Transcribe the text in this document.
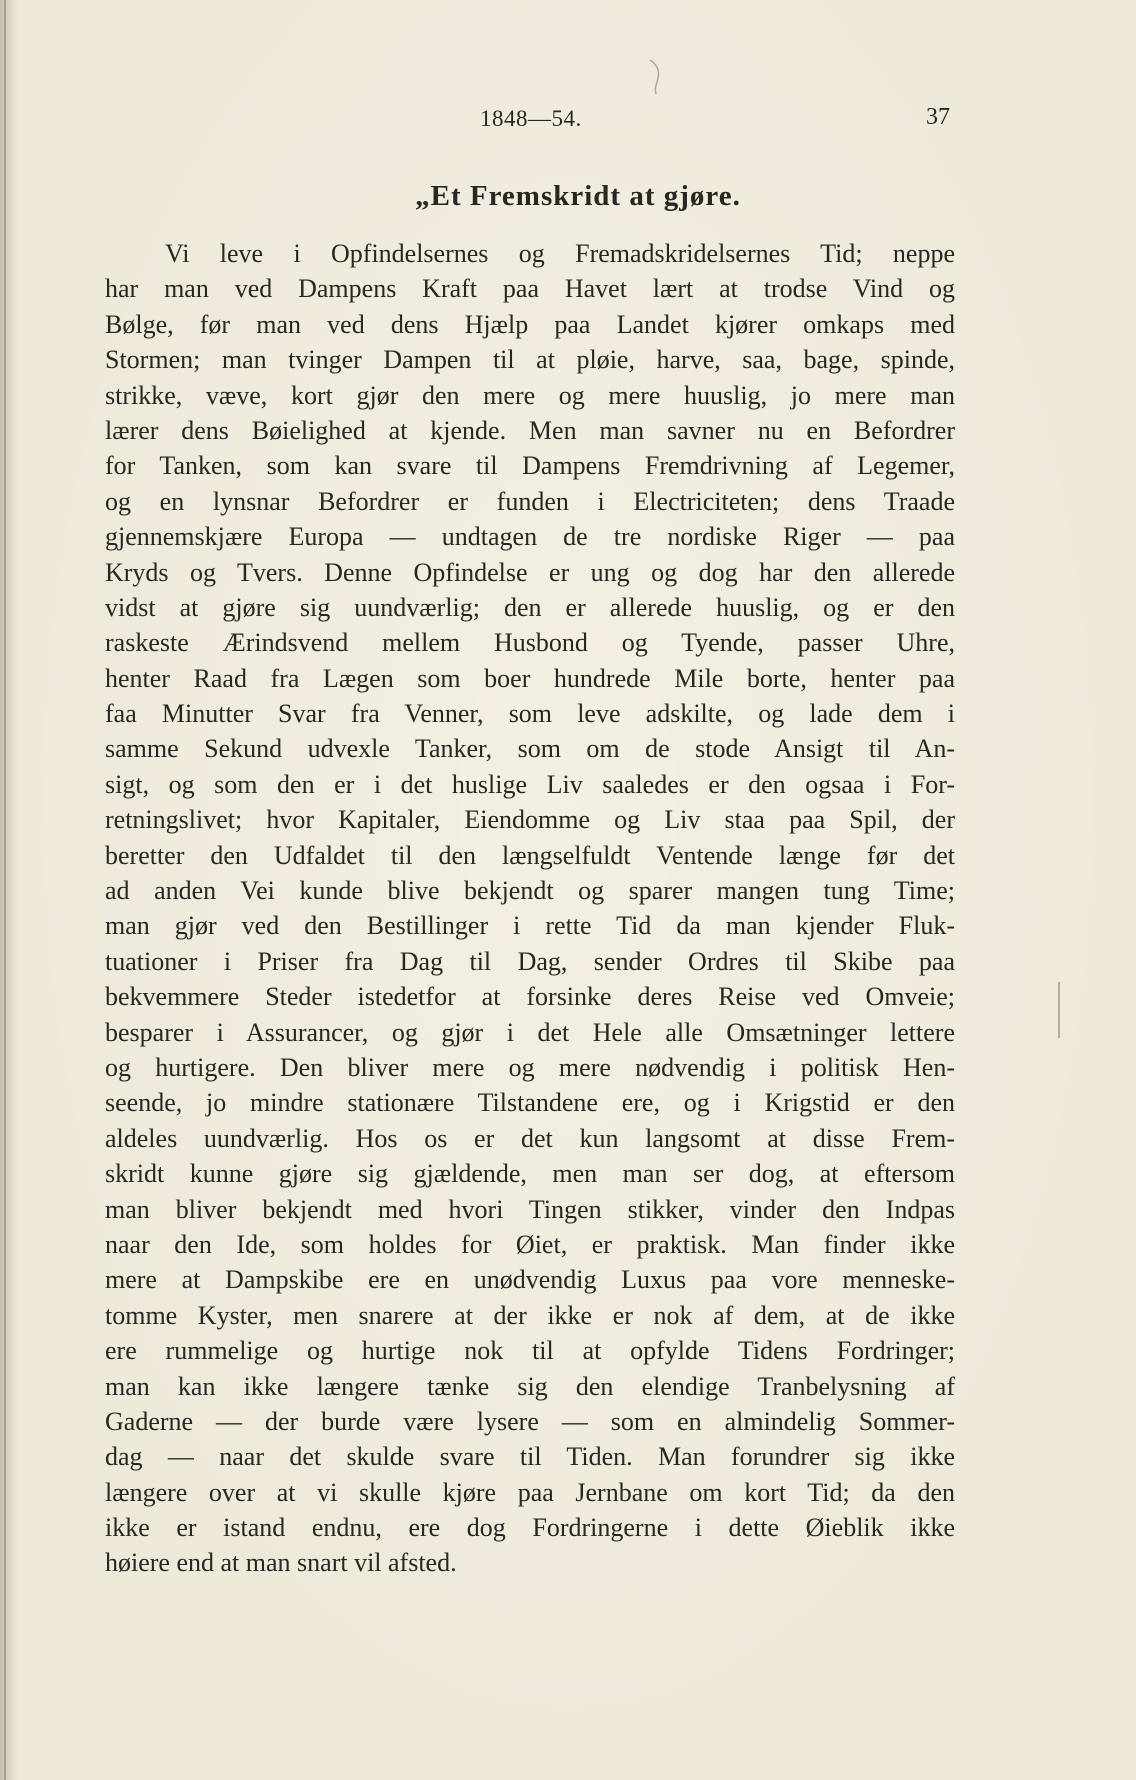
1848—54.	37
„Et Fremskridt at gjøre.
Vi leve i Opfindelsernes og Fremadskridelsernes Tid; neppe
har man ved Dampens Kraft paa Havet lært at trodse Vind og
Bølge, før man ved dens Hjælp paa Landet kjører omkaps med
Stormen; man tvinger Dampen til at pløie, harve, saa, bage, spinde,
strikke, væve, kort gjør den mere og mere huuslig, jo mere man
lærer dens Bøielighed at kjende. Men man savner nu en Befordrer
for Tanken, som kan svare til Dampens Fremdrivning af Legemer,
og en lynsnar Befordrer er funden i Electriciteten; dens Traade
gjennemskjære Europa — undtagen de tre nordiske Riger — paa
Kryds og Tvers. Denne Opfindelse er ung og dog har den allerede
vidst at gjøre sig uundværlig; den er allerede huuslig, og er den
raskeste Ærindsvend mellem Husbond og Tyende, passer Uhre,
henter Raad fra Lægen som boer hundrede Mile borte, henter paa
faa Minutter Svar fra Venner, som leve adskilte, og lade dem i
samme Sekund udvexle Tanker, som om de stode Ansigt til An-
sigt, og som den er i det huslige Liv saaledes er den ogsaa i For-
retningslivet; hvor Kapitaler, Eiendomme og Liv staa paa Spil, der
beretter den Udfaldet til den længselfuldt Ventende længe før det
ad anden Vei kunde blive bekjendt og sparer mangen tung Time;
man gjør ved den Bestillinger i rette Tid da man kjender Fluk-
tuationer i Priser fra Dag til Dag, sender Ordres til Skibe paa
bekvemmere Steder istedetfor at forsinke deres Reise ved Omveie;
besparer i Assurancer, og gjør i det Hele alle Omsætninger lettere
og hurtigere. Den bliver mere og mere nødvendig i politisk Hen-
seende, jo mindre stationære Tilstandene ere, og i Krigstid er den
aldeles uundværlig. Hos os er det kun langsomt at disse Frem-
skridt kunne gjøre sig gjældende, men man ser dog, at eftersom
man bliver bekjendt med hvori Tingen stikker, vinder den Indpas
naar den Ide, som holdes for Øiet, er praktisk. Man finder ikke
mere at Dampskibe ere en unødvendig Luxus paa vore menneske-
tomme Kyster, men snarere at der ikke er nok af dem, at de ikke
ere rummelige og hurtige nok til at opfylde Tidens Fordringer;
man kan ikke længere tænke sig den elendige Tranbelysning af
Gaderne — der burde være lysere — som en almindelig Sommer-
dag — naar det skulde svare til Tiden. Man forundrer sig ikke
længere over at vi skulle kjøre paa Jernbane om kort Tid; da den
ikke er istand endnu, ere dog Fordringerne i dette Øieblik ikke
høiere end at man snart vil afsted.
